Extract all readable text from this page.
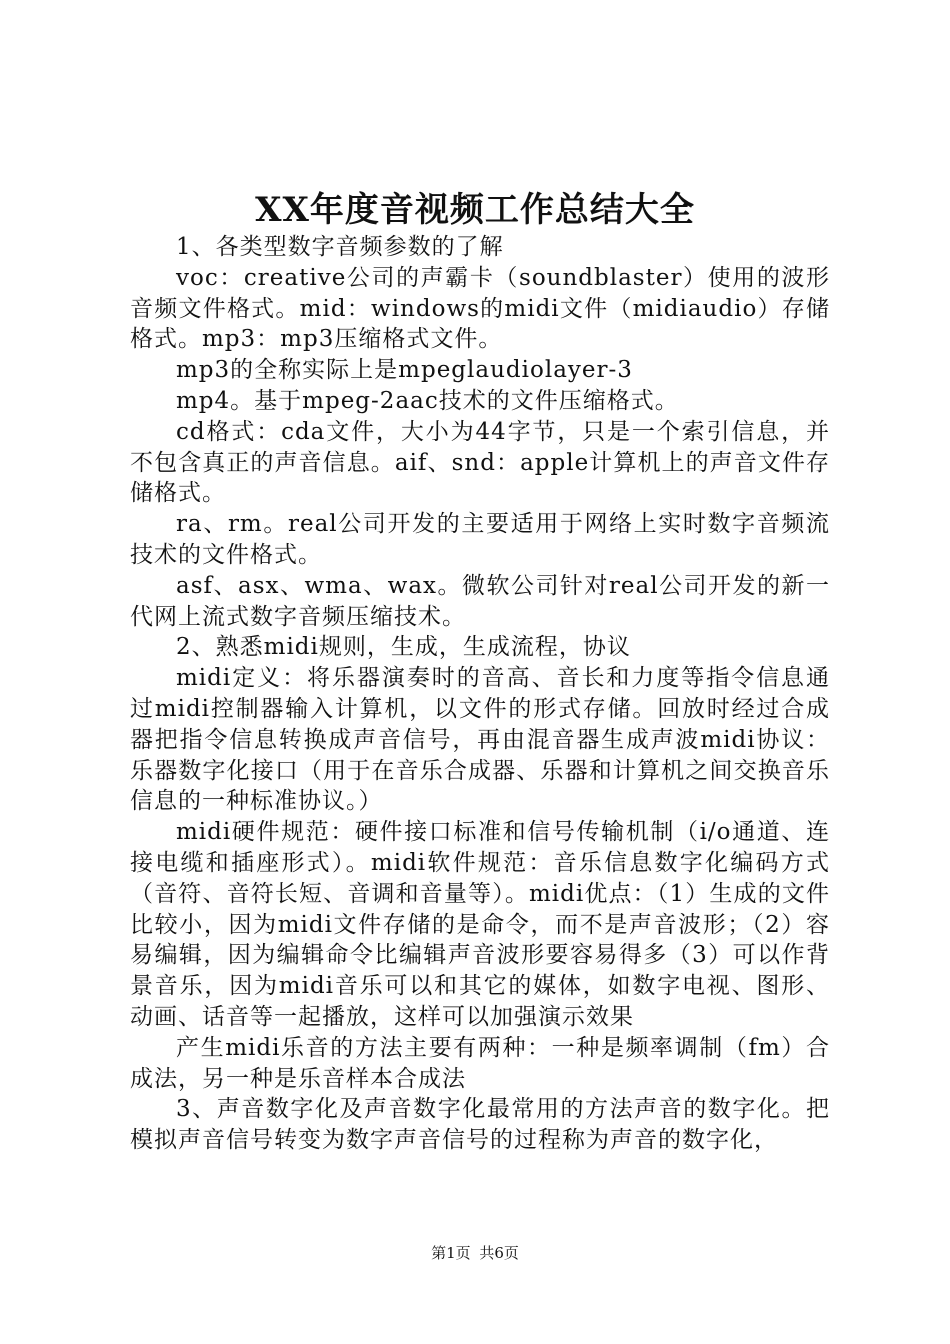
XX年度音视频工作总结大全

1、各类型数字音频参数的了解

voc：creative公司的声霸卡（soundblaster）使用的波形音频文件格式。mid：windows的midi文件（midiaudio）存储格式。mp3：mp3压缩格式文件。

mp3的全称实际上是mpeglaudiolayer-3

mp4。基于mpeg-2aac技术的文件压缩格式。

cd格式：cda文件，大小为44字节，只是一个索引信息，并不包含真正的声音信息。aif、snd：apple计算机上的声音文件存储格式。

ra、rm。real公司开发的主要适用于网络上实时数字音频流技术的文件格式。

asf、asx、wma、wax。微软公司针对real公司开发的新一代网上流式数字音频压缩技术。

2、熟悉midi规则，生成，生成流程，协议

midi定义：将乐器演奏时的音高、音长和力度等指令信息通过midi控制器输入计算机，以文件的形式存储。回放时经过合成器把指令信息转换成声音信号，再由混音器生成声波midi协议：乐器数字化接口（用于在音乐合成器、乐器和计算机之间交换音乐信息的一种标准协议。）

midi硬件规范：硬件接口标准和信号传输机制（i/o通道、连接电缆和插座形式）。midi软件规范：音乐信息数字化编码方式（音符、音符长短、音调和音量等）。midi优点：（1）生成的文件比较小，因为midi文件存储的是命令，而不是声音波形；（2）容易编辑，因为编辑命令比编辑声音波形要容易得多（3）可以作背景音乐，因为midi音乐可以和其它的媒体，如数字电视、图形、动画、话音等一起播放，这样可以加强演示效果

产生midi乐音的方法主要有两种：一种是频率调制（fm）合成法，另一种是乐音样本合成法

3、声音数字化及声音数字化最常用的方法声音的数字化。把模拟声音信号转变为数字声音信号的过程称为声音的数字化，

第1页 共6页
